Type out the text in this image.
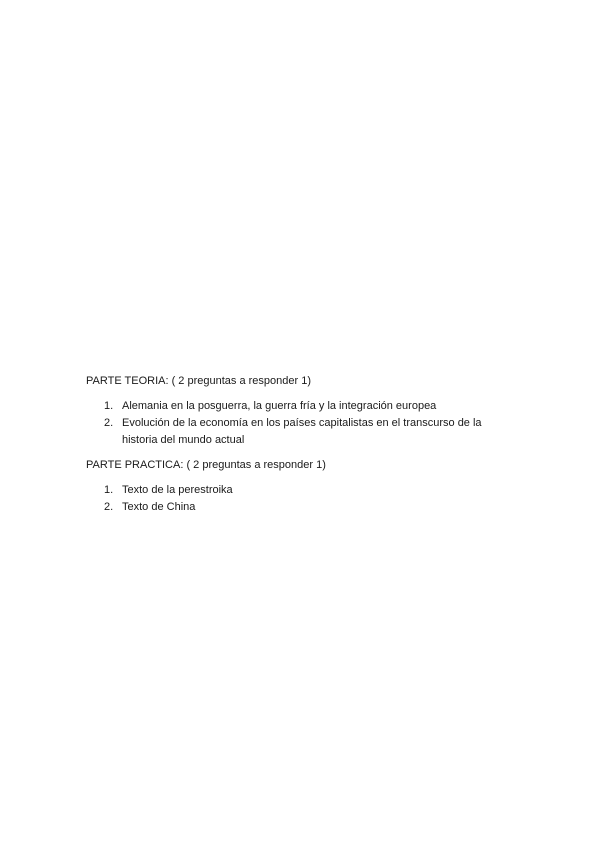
PARTE TEORIA: ( 2 preguntas a responder 1)

1. Alemania en la posguerra, la guerra fría y la integración europea
2. Evolución de la economía en los países capitalistas en el transcurso de la historia del mundo actual

PARTE PRACTICA: ( 2 preguntas a responder 1)

1. Texto de la perestroika
2. Texto de China
